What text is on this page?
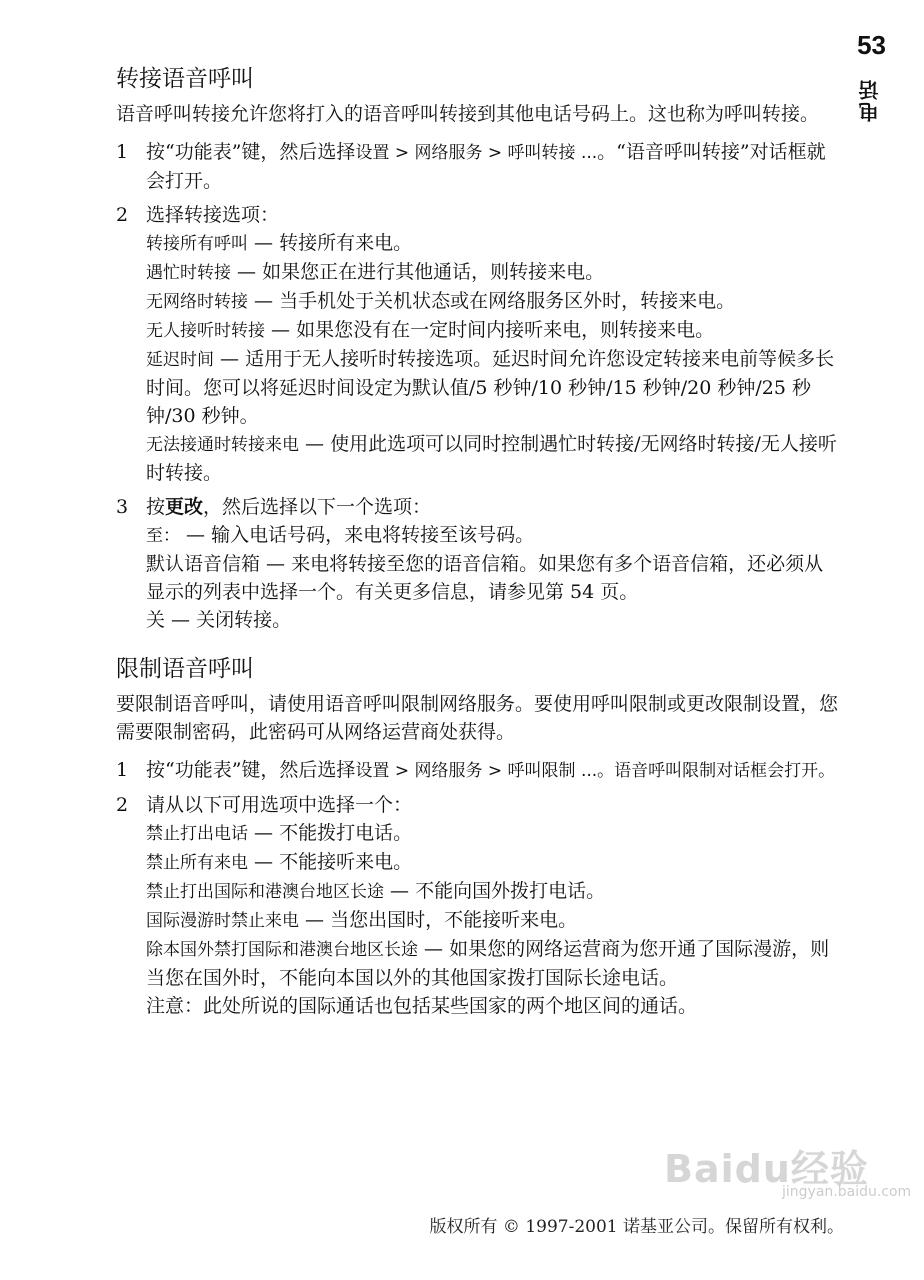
53
电话
转接语音呼叫

语音呼叫转接允许您将打入的语音呼叫转接到其他电话号码上。这也称为呼叫转接。

1 按“功能表”键，然后选择设置 > 网络服务 > 呼叫转接 ...。“语音呼叫转接”对话框就会打开。
2 选择转接选项：
转接所有呼叫 — 转接所有来电。
遇忙时转接 — 如果您正在进行其他通话，则转接来电。
无网络时转接 — 当手机处于关机状态或在网络服务区外时，转接来电。
无人接听时转接 — 如果您没有在一定时间内接听来电，则转接来电。
延迟时间 — 适用于无人接听时转接选项。延迟时间允许您设定转接来电前等候多长时间。您可以将延迟时间设定为默认值/5 秒钟/10 秒钟/15 秒钟/20 秒钟/25 秒钟/30 秒钟。
无法接通时转接来电 — 使用此选项可以同时控制遇忙时转接/无网络时转接/无人接听时转接。
3 按更改，然后选择以下一个选项：
至： — 输入电话号码，来电将转接至该号码。
默认语音信箱 — 来电将转接至您的语音信箱。如果您有多个语音信箱，还必须从显示的列表中选择一个。有关更多信息，请参见第 54 页。
关 — 关闭转接。
限制语音呼叫

要限制语音呼叫，请使用语音呼叫限制网络服务。要使用呼叫限制或更改限制设置，您需要限制密码，此密码可从网络运营商处获得。

1 按“功能表”键，然后选择设置 > 网络服务 > 呼叫限制 ...。语音呼叫限制对话框会打开。
2 请从以下可用选项中选择一个：
禁止打出电话 — 不能拨打电话。
禁止所有来电 — 不能接听来电。
禁止打出国际和港澳台地区长途 — 不能向国外拨打电话。
国际漫游时禁止来电 — 当您出国时，不能接听来电。
除本国外禁打国际和港澳台地区长途 — 如果您的网络运营商为您开通了国际漫游，则当您在国外时，不能向本国以外的其他国家拨打国际长途电话。
注意：此处所说的国际通话也包括某些国家的两个地区间的通话。
Baidu经验
jingyan.baidu.com
版权所有 © 1997-2001 诺基亚公司。保留所有权利。
